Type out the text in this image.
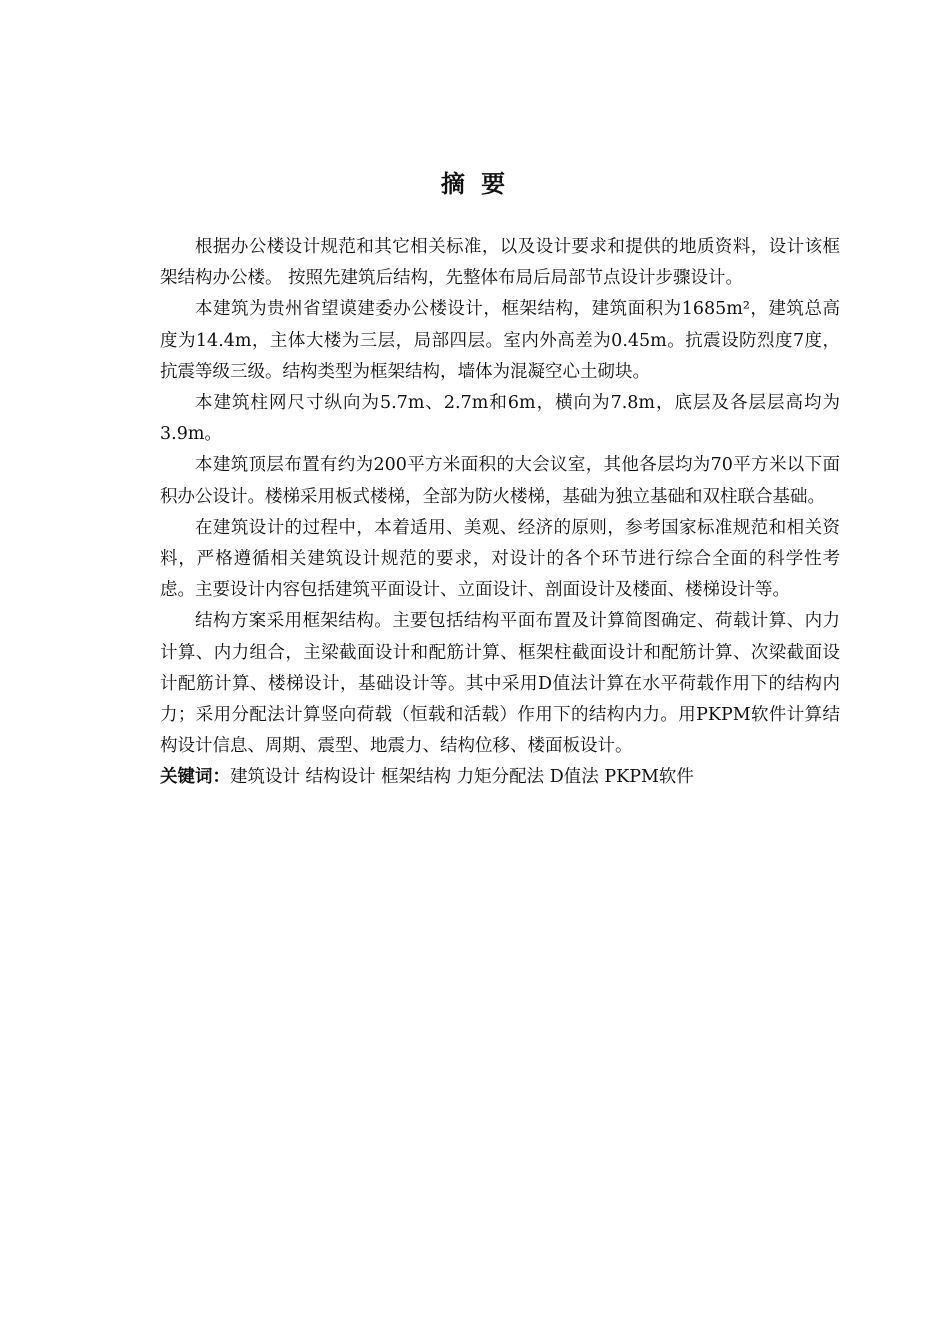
摘 要

根据办公楼设计规范和其它相关标准，以及设计要求和提供的地质资料，设计该框架结构办公楼。 按照先建筑后结构，先整体布局后局部节点设计步骤设计。

本建筑为贵州省望谟建委办公楼设计，框架结构，建筑面积为1685m²，建筑总高度为14.4m，主体大楼为三层，局部四层。室内外高差为0.45m。抗震设防烈度7度，抗震等级三级。结构类型为框架结构，墙体为混凝空心土砌块。

本建筑柱网尺寸纵向为5.7m、2.7m和6m，横向为7.8m，底层及各层层高均为3.9m。

本建筑顶层布置有约为200平方米面积的大会议室，其他各层均为70平方米以下面积办公设计。楼梯采用板式楼梯，全部为防火楼梯，基础为独立基础和双柱联合基础。

在建筑设计的过程中，本着适用、美观、经济的原则，参考国家标准规范和相关资料，严格遵循相关建筑设计规范的要求，对设计的各个环节进行综合全面的科学性考虑。主要设计内容包括建筑平面设计、立面设计、剖面设计及楼面、楼梯设计等。

结构方案采用框架结构。主要包括结构平面布置及计算简图确定、荷载计算、内力计算、内力组合，主梁截面设计和配筋计算、框架柱截面设计和配筋计算、次梁截面设计配筋计算、楼梯设计，基础设计等。其中采用D值法计算在水平荷载作用下的结构内力；采用分配法计算竖向荷载（恒载和活载）作用下的结构内力。用PKPM软件计算结构设计信息、周期、震型、地震力、结构位移、楼面板设计。

关键词：建筑设计 结构设计 框架结构 力矩分配法 D值法 PKPM软件
